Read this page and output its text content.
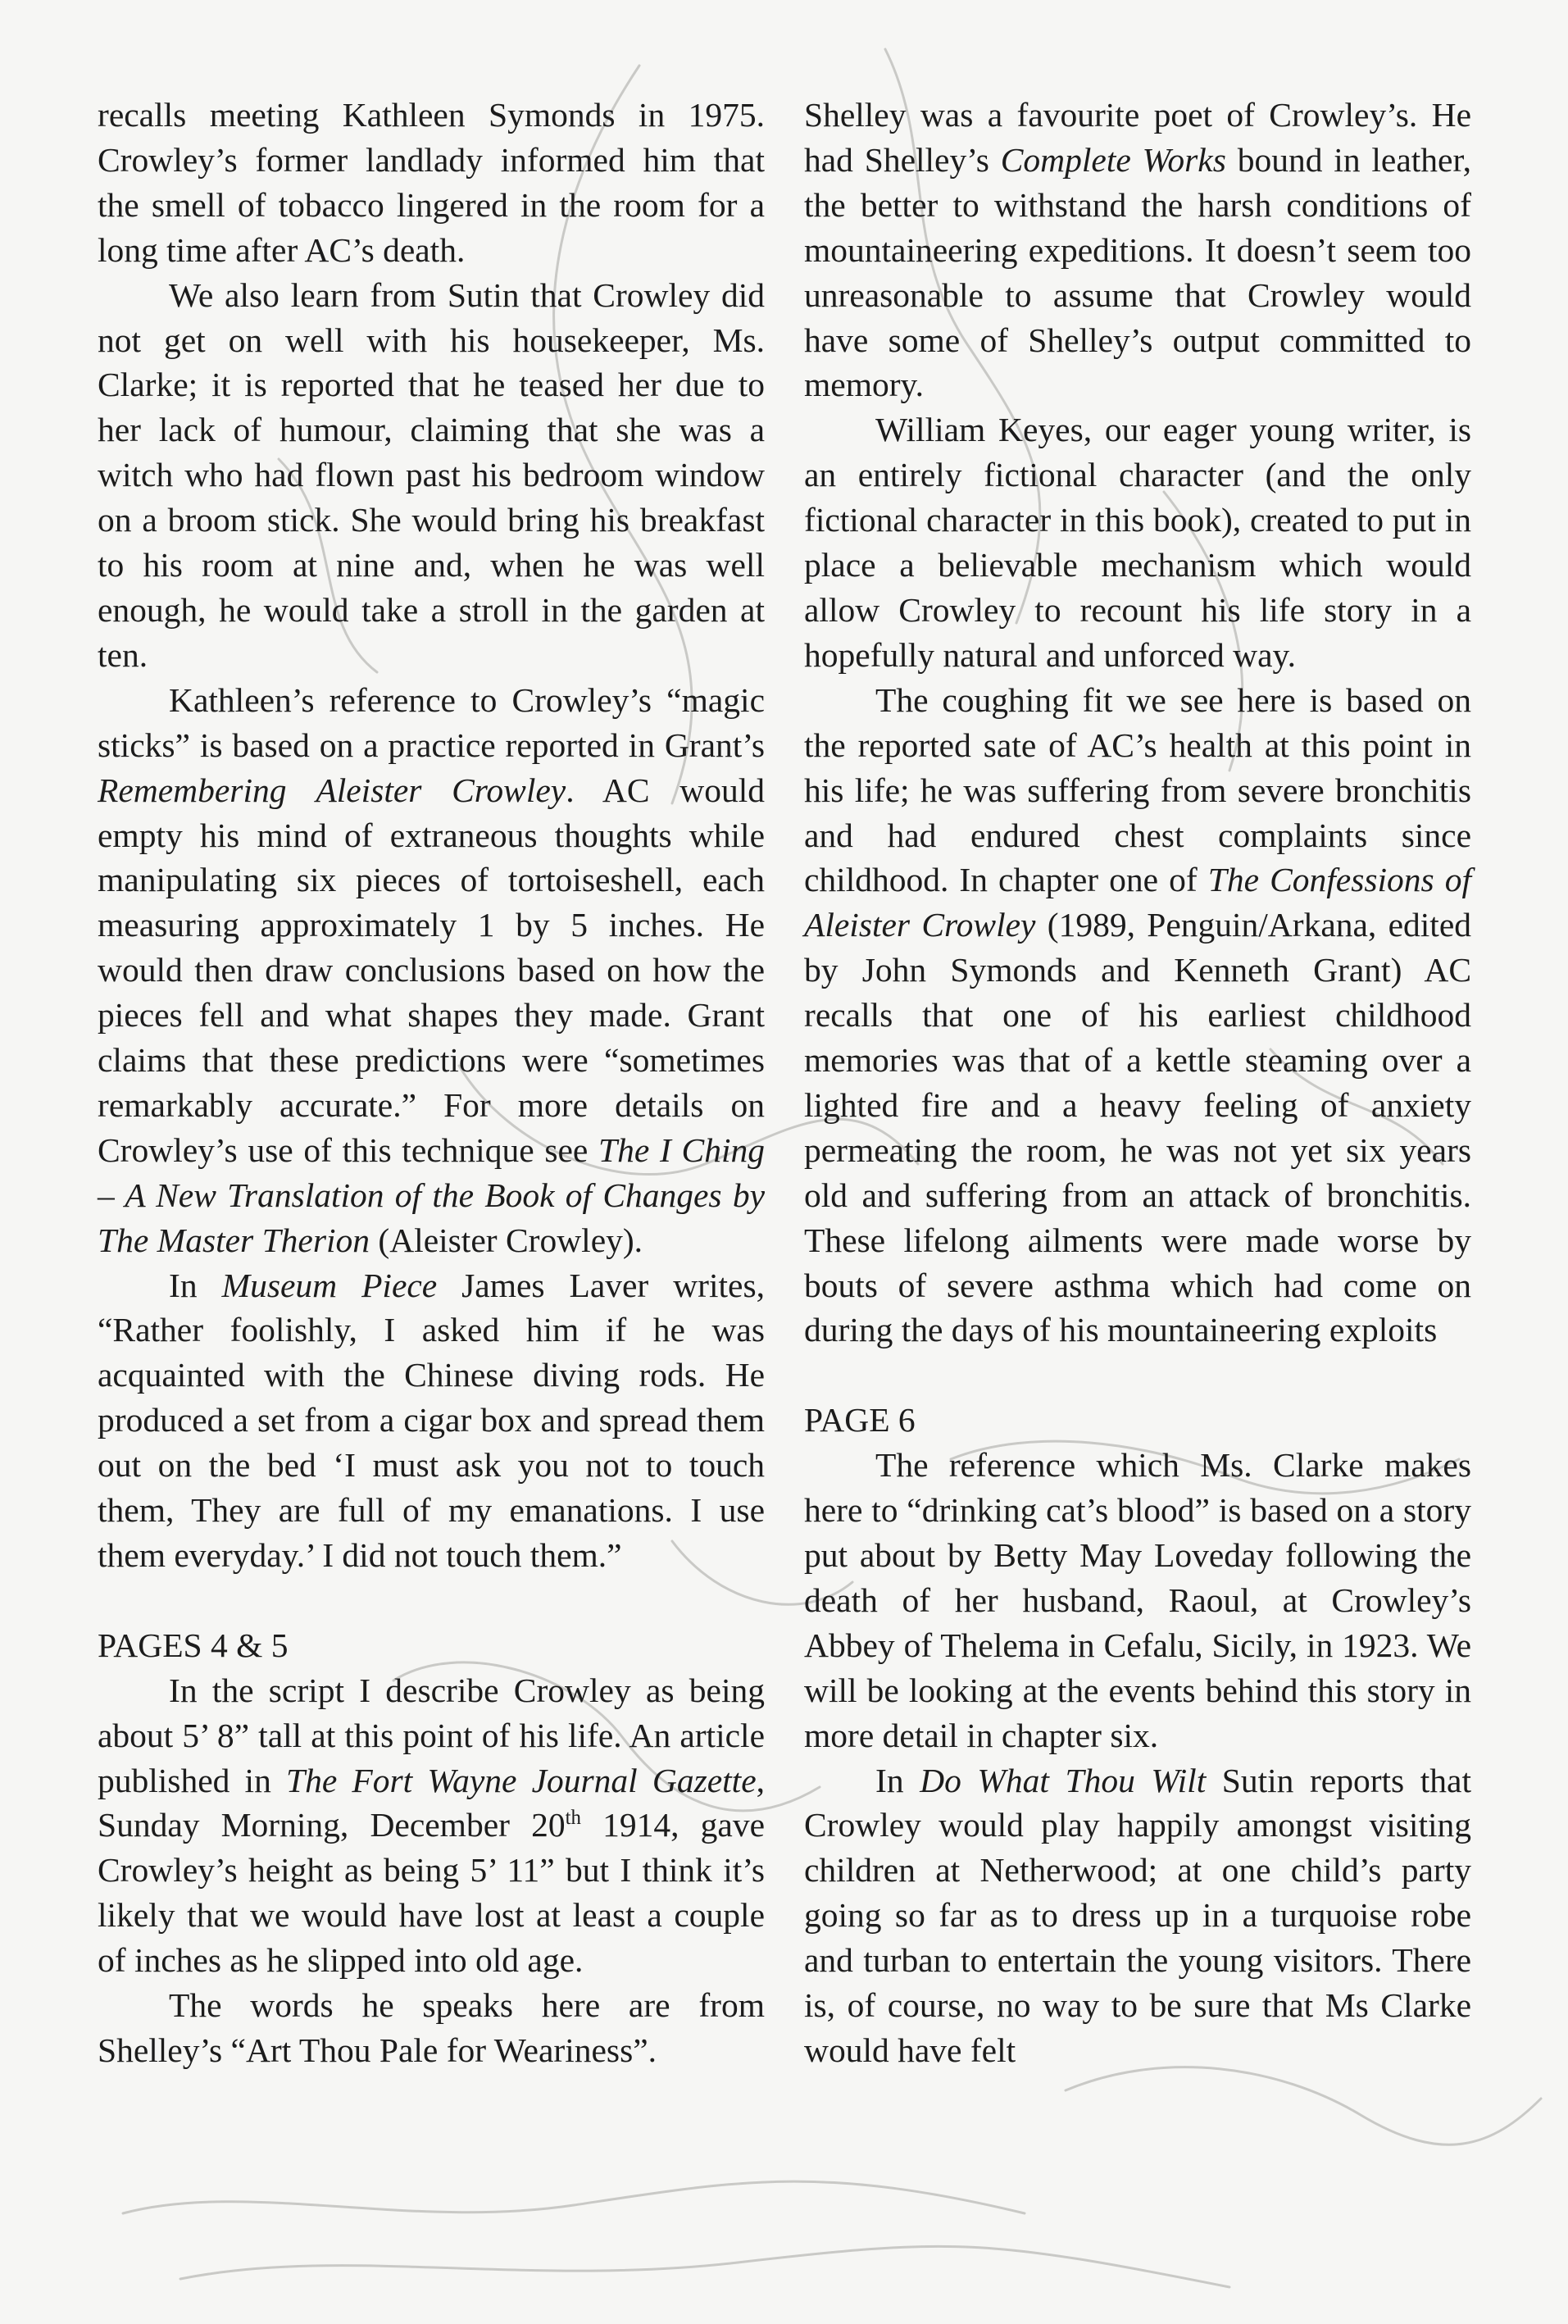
recalls meeting Kathleen Symonds in 1975. Crowley’s former landlady informed him that the smell of tobacco lingered in the room for a long time after AC’s death.

We also learn from Sutin that Crowley did not get on well with his housekeeper, Ms. Clarke; it is reported that he teased her due to her lack of humour, claiming that she was a witch who had flown past his bedroom window on a broom stick. She would bring his breakfast to his room at nine and, when he was well enough, he would take a stroll in the garden at ten.

Kathleen’s reference to Crowley’s “magic sticks” is based on a practice reported in Grant’s Remembering Aleister Crowley. AC would empty his mind of extraneous thoughts while manipulating six pieces of tortoiseshell, each measuring approximately 1 by 5 inches. He would then draw conclusions based on how the pieces fell and what shapes they made. Grant claims that these predictions were “sometimes remarkably accurate.” For more details on Crowley’s use of this technique see The I Ching – A New Translation of the Book of Changes by The Master Therion (Aleister Crowley).

In Museum Piece James Laver writes, “Rather foolishly, I asked him if he was acquainted with the Chinese diving rods. He produced a set from a cigar box and spread them out on the bed ‘I must ask you not to touch them, They are full of my emanations. I use them everyday.’ I did not touch them.”

PAGES 4 & 5

In the script I describe Crowley as being about 5’ 8” tall at this point of his life. An article published in The Fort Wayne Journal Gazette, Sunday Morning, December 20th 1914, gave Crowley’s height as being 5’ 11” but I think it’s likely that we would have lost at least a couple of inches as he slipped into old age.

The words he speaks here are from Shelley’s “Art Thou Pale for Weariness”.

Shelley was a favourite poet of Crowley’s. He had Shelley’s Complete Works bound in leather, the better to withstand the harsh conditions of mountaineering expeditions. It doesn’t seem too unreasonable to assume that Crowley would have some of Shelley’s output committed to memory.

William Keyes, our eager young writer, is an entirely fictional character (and the only fictional character in this book), created to put in place a believable mechanism which would allow Crowley to recount his life story in a hopefully natural and unforced way.

The coughing fit we see here is based on the reported sate of AC’s health at this point in his life; he was suffering from severe bronchitis and had endured chest complaints since childhood. In chapter one of The Confessions of Aleister Crowley (1989, Penguin/Arkana, edited by John Symonds and Kenneth Grant) AC recalls that one of his earliest childhood memories was that of a kettle steaming over a lighted fire and a heavy feeling of anxiety permeating the room, he was not yet six years old and suffering from an attack of bronchitis. These lifelong ailments were made worse by bouts of severe asthma which had come on during the days of his mountaineering exploits

PAGE 6

The reference which Ms. Clarke makes here to “drinking cat’s blood” is based on a story put about by Betty May Loveday following the death of her husband, Raoul, at Crowley’s Abbey of Thelema in Cefalu, Sicily, in 1923. We will be looking at the events behind this story in more detail in chapter six.

In Do What Thou Wilt Sutin reports that Crowley would play happily amongst visiting children at Netherwood; at one child’s party going so far as to dress up in a turquoise robe and turban to entertain the young visitors. There is, of course, no way to be sure that Ms Clarke would have felt
